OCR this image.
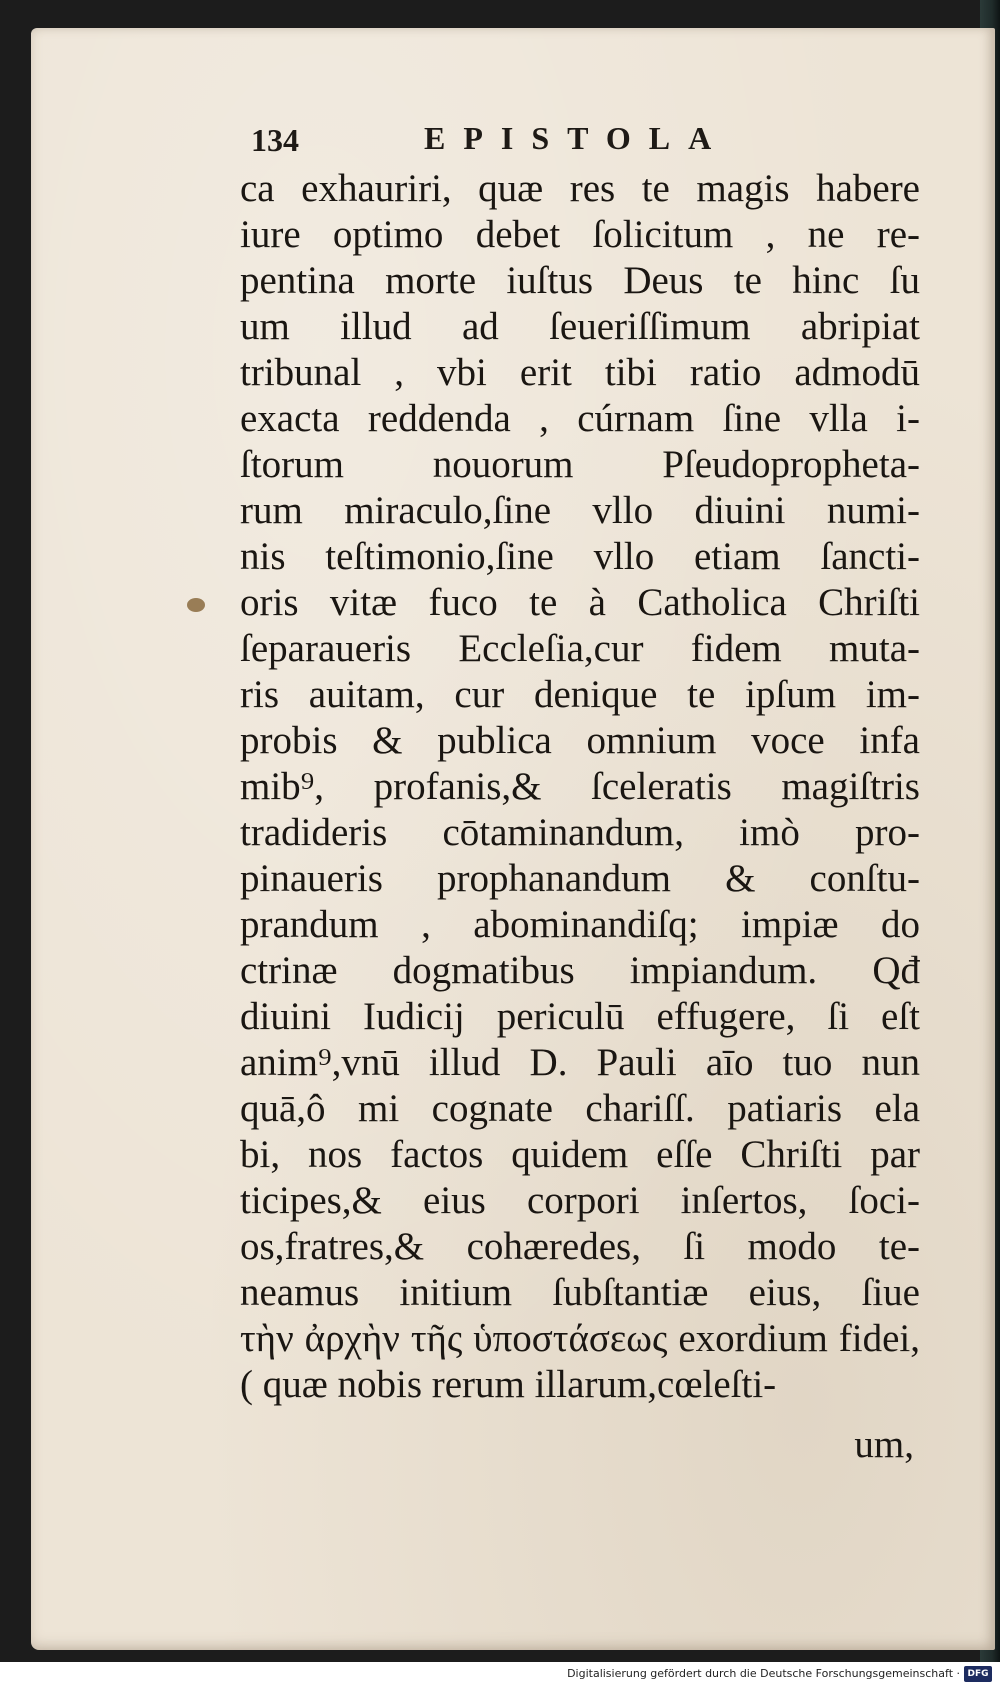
134	EPISTOLA
ca exhauriri, quæ res te magis habere
iure optimo debet ſolicitum , ne re-
pentina morte iuſtus Deus te hinc ſu
um illud ad ſeueriſſimum abripiat
tribunal , vbi erit tibi ratio admodū
exacta reddenda , cúrnam ſine vlla i-
ſtorum nouorum Pſeudopropheta-
rum miraculo,ſine vllo diuini numi-
nis teſtimonio,ſine vllo etiam ſancti-
oris vitæ fuco te à Catholica Chriſti
ſeparaueris Eccleſia,cur fidem muta-
ris auitam, cur denique te ipſum im-
probis & publica omnium voce infa
mib⁹, profanis,& ſceleratis magiſtris
tradideris cōtaminandum, imò pro-
pinaueris prophanandum & conſtu-
prandum , abominandiſq; impiæ do
ctrinæ dogmatibus impiandum. Qđ
diuini Iudicij periculū effugere, ſi eſt
anim⁹,vnū illud D. Pauli aīo tuo nun
quā,ô mi cognate chariſſ. patiaris ela
bi, nos factos quidem eſſe Chriſti par
ticipes,& eius corpori inſertos, ſoci-
os,fratres,& cohæredes, ſi modo te-
neamus initium ſubſtantiæ eius, ſiue
τὴν ἀρχὴν τῆς ὑποστάσεως exordium fidei,
( quæ nobis rerum illarum,cœleſti-
um,
Digitalisierung gefördert durch die Deutsche Forschungsgemeinschaft · DFG
